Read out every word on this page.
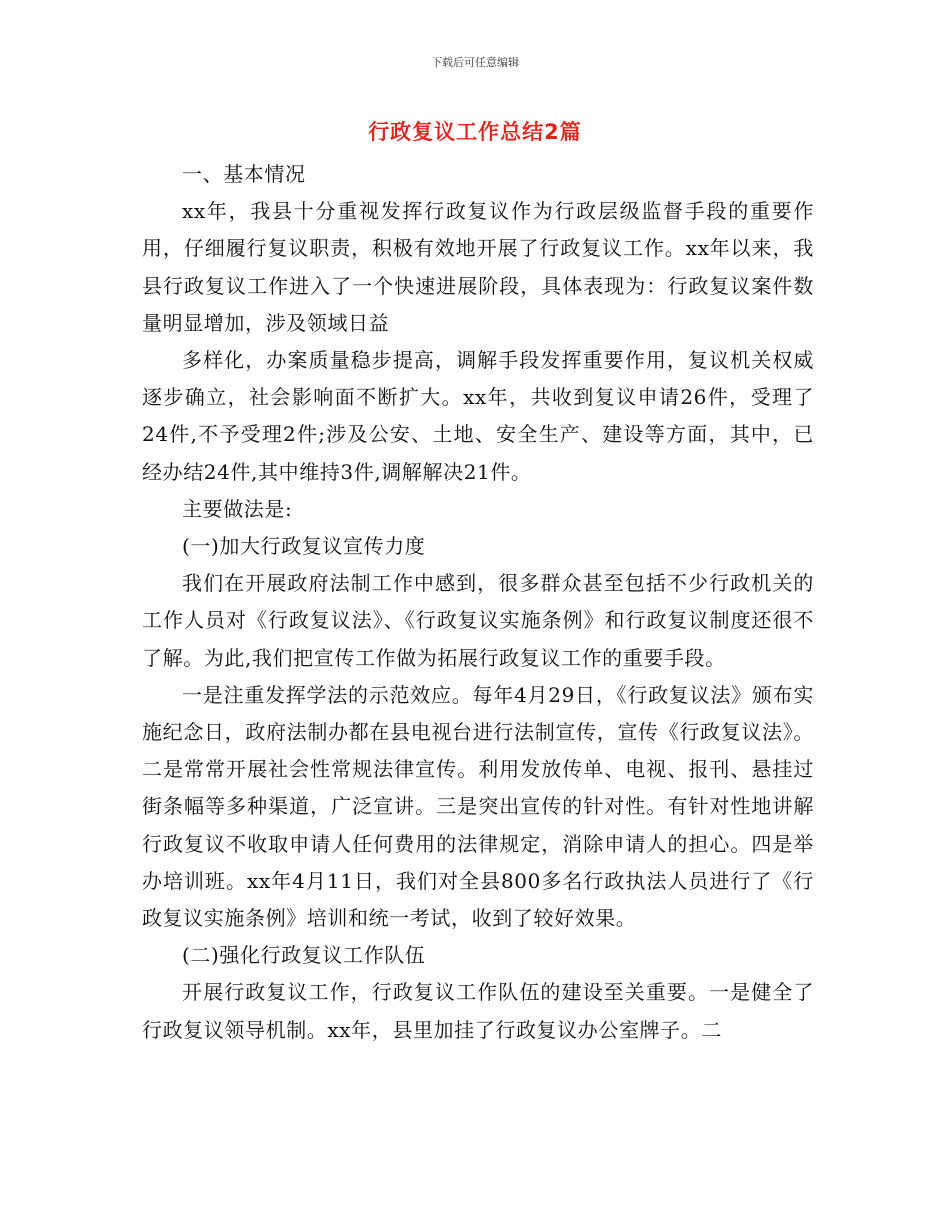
下载后可任意编辑
行政复议工作总结2篇

一、基本情况

xx年，我县十分重视发挥行政复议作为行政层级监督手段的重要作用，仔细履行复议职责，积极有效地开展了行政复议工作。xx年以来，我县行政复议工作进入了一个快速进展阶段，具体表现为：行政复议案件数量明显增加，涉及领域日益

多样化，办案质量稳步提高，调解手段发挥重要作用，复议机关权威逐步确立，社会影响面不断扩大。xx年，共收到复议申请26件，受理了24件,不予受理2件;涉及公安、土地、安全生产、建设等方面，其中，已经办结24件,其中维持3件,调解解决21件。

主要做法是:

(一)加大行政复议宣传力度

我们在开展政府法制工作中感到，很多群众甚至包括不少行政机关的工作人员对《行政复议法》、《行政复议实施条例》和行政复议制度还很不了解。为此,我们把宣传工作做为拓展行政复议工作的重要手段。

一是注重发挥学法的示范效应。每年4月29日，《行政复议法》颁布实施纪念日，政府法制办都在县电视台进行法制宣传，宣传《行政复议法》。二是常常开展社会性常规法律宣传。利用发放传单、电视、报刊、悬挂过街条幅等多种渠道，广泛宣讲。三是突出宣传的针对性。有针对性地讲解行政复议不收取申请人任何费用的法律规定，消除申请人的担心。四是举办培训班。xx年4月11日，我们对全县800多名行政执法人员进行了《行政复议实施条例》培训和统一考试，收到了较好效果。

(二)强化行政复议工作队伍

开展行政复议工作，行政复议工作队伍的建设至关重要。一是健全了行政复议领导机制。xx年，县里加挂了行政复议办公室牌子。二
